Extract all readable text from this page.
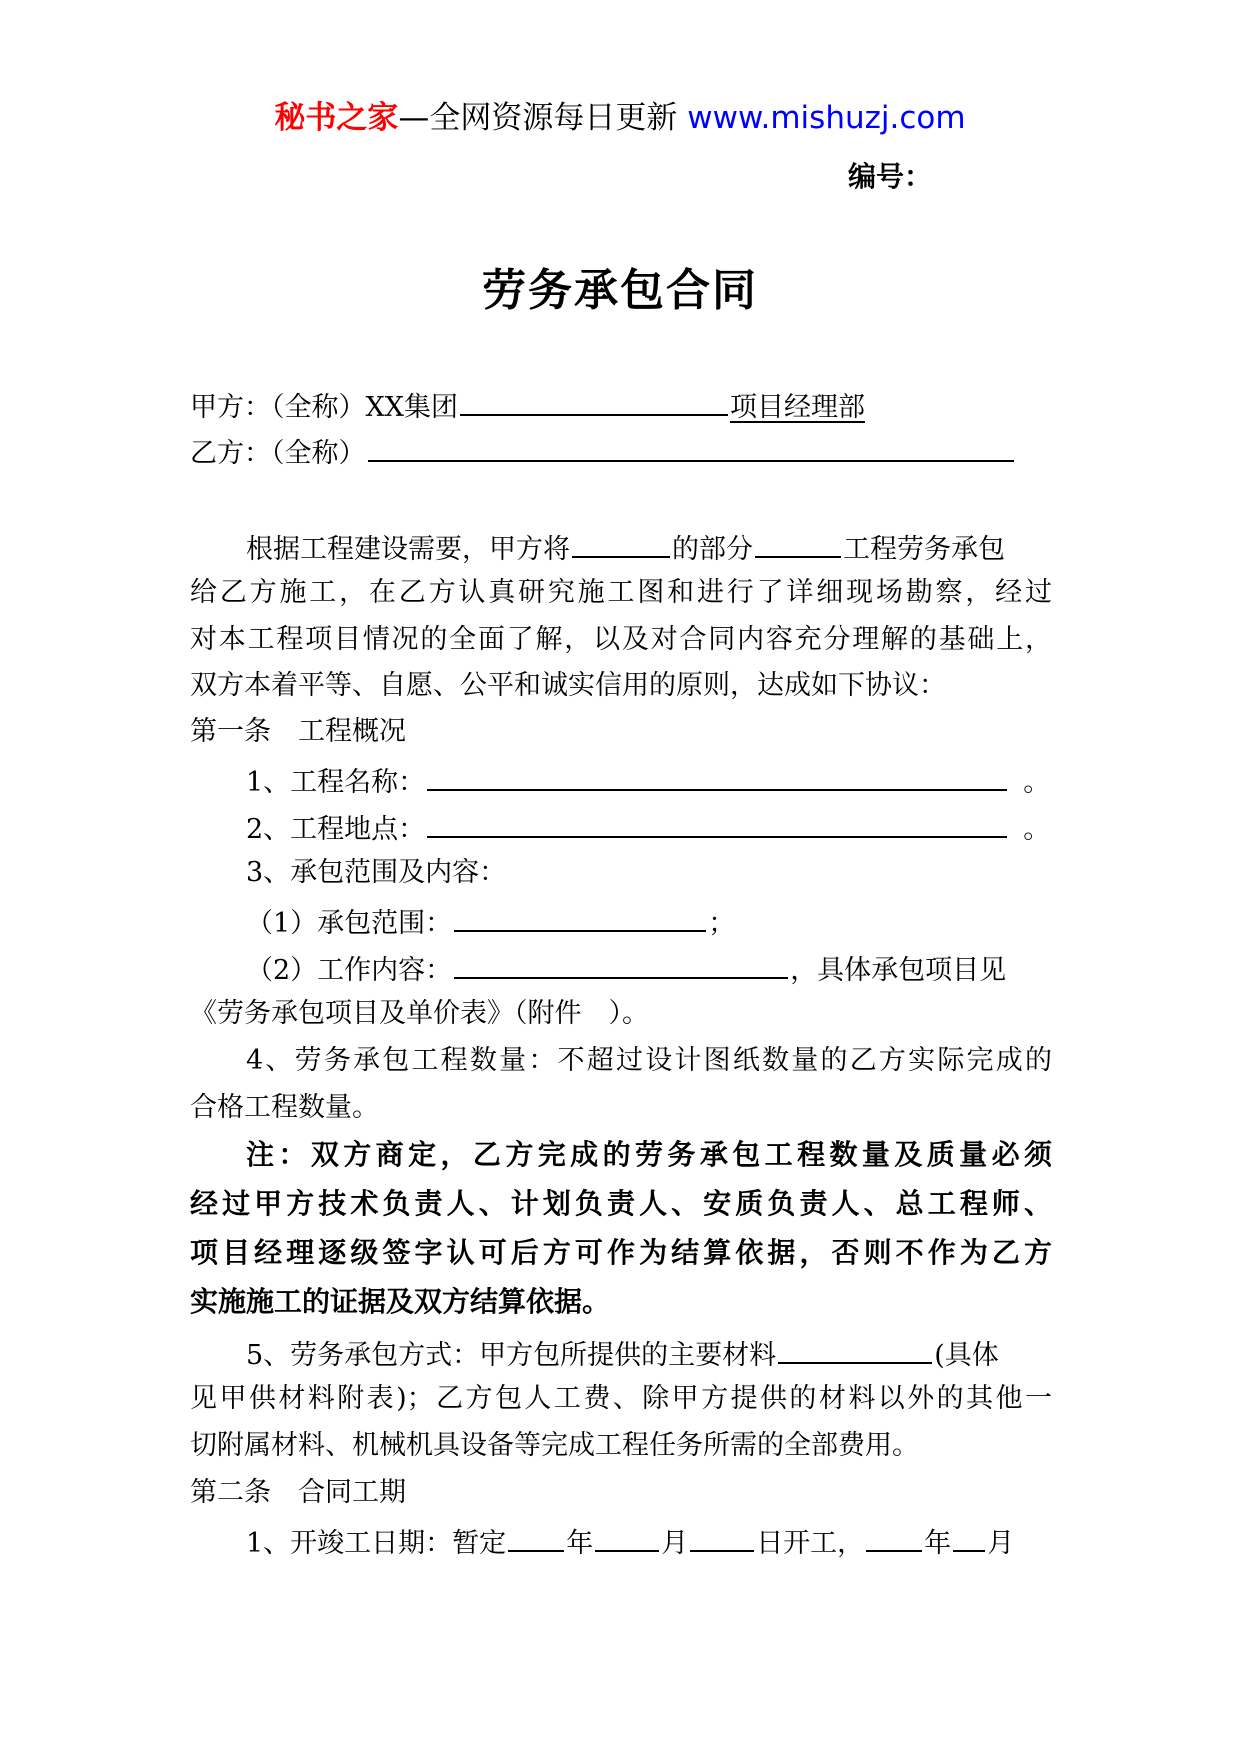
秘书之家—全网资源每日更新 www.mishuzj.com
编号：
劳务承包合同
甲方：（全称）XX集团	项目经理部
乙方：（全称）
根据工程建设需要，甲方将	的部分	工程劳务承包
给乙方施工，在乙方认真研究施工图和进行了详细现场勘察，经过
对本工程项目情况的全面了解，以及对合同内容充分理解的基础上，
双方本着平等、自愿、公平和诚实信用的原则，达成如下协议：
第一条　工程概况
1、工程名称：	。
2、工程地点：	。
3、承包范围及内容：
（1）承包范围：	；
（2）工作内容：	，具体承包项目见
《劳务承包项目及单价表》（附件　）。
4、劳务承包工程数量：不超过设计图纸数量的乙方实际完成的
合格工程数量。
注：双方商定，乙方完成的劳务承包工程数量及质量必须
经过甲方技术负责人、计划负责人、安质负责人、总工程师、
项目经理逐级签字认可后方可作为结算依据，否则不作为乙方
实施施工的证据及双方结算依据。
5、劳务承包方式：甲方包所提供的主要材料	(具体
见甲供材料附表)；乙方包人工费、除甲方提供的材料以外的其他一
切附属材料、机械机具设备等完成工程任务所需的全部费用。
第二条　合同工期
1、开竣工日期：暂定 年	月	日开工， 年 月
